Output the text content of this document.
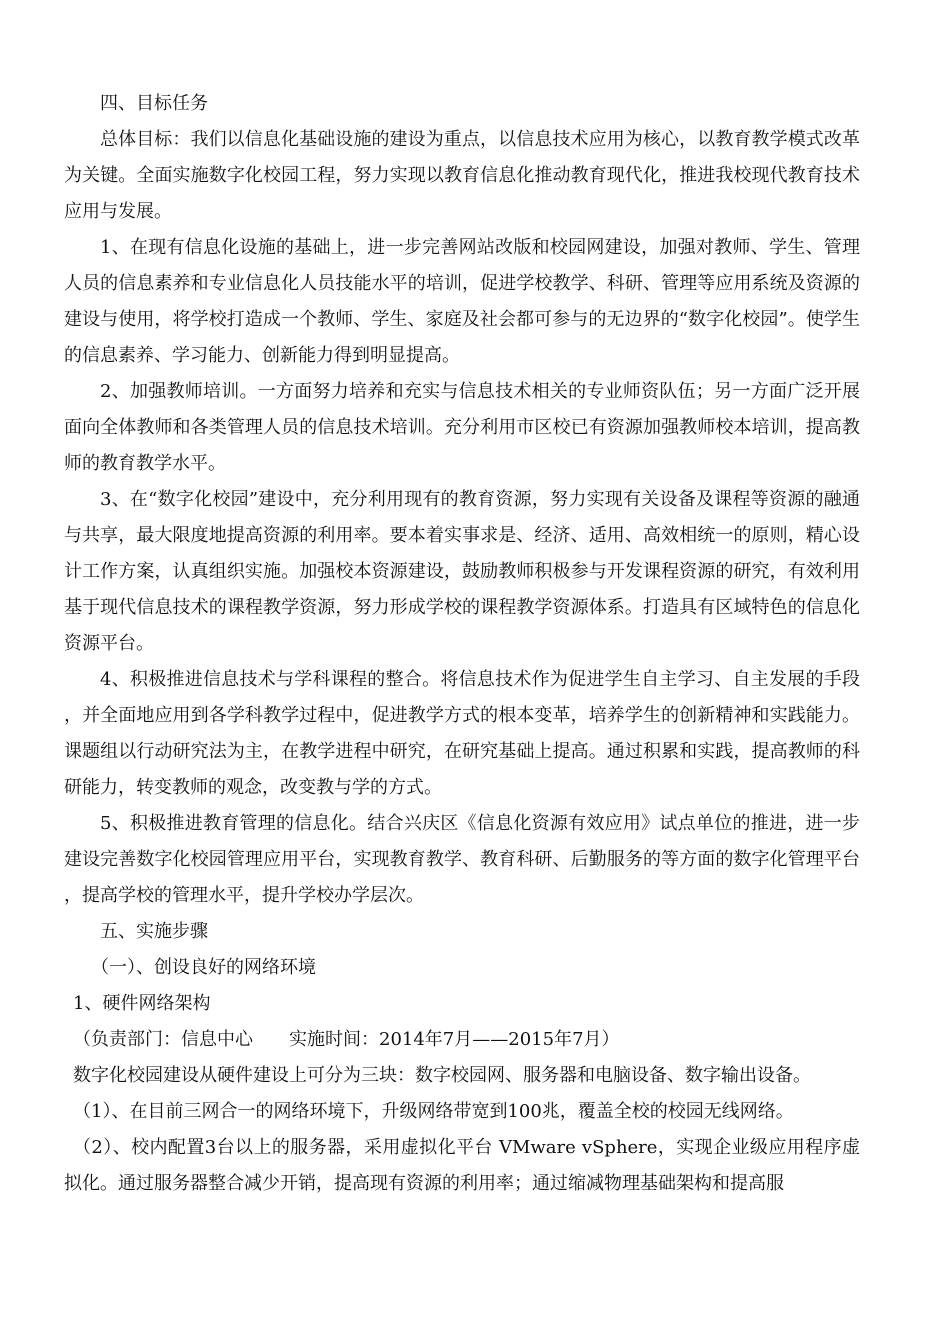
四、目标任务

总体目标：我们以信息化基础设施的建设为重点，以信息技术应用为核心，以教育教学模式改革为关键。全面实施数字化校园工程，努力实现以教育信息化推动教育现代化，推进我校现代教育技术应用与发展。

1、在现有信息化设施的基础上，进一步完善网站改版和校园网建设，加强对教师、学生、管理人员的信息素养和专业信息化人员技能水平的培训，促进学校教学、科研、管理等应用系统及资源的建设与使用，将学校打造成一个教师、学生、家庭及社会都可参与的无边界的“数字化校园”。使学生的信息素养、学习能力、创新能力得到明显提高。

2、加强教师培训。一方面努力培养和充实与信息技术相关的专业师资队伍；另一方面广泛开展面向全体教师和各类管理人员的信息技术培训。充分利用市区校已有资源加强教师校本培训，提高教师的教育教学水平。

3、在“数字化校园”建设中，充分利用现有的教育资源，努力实现有关设备及课程等资源的融通与共享，最大限度地提高资源的利用率。要本着实事求是、经济、适用、高效相统一的原则，精心设计工作方案，认真组织实施。加强校本资源建设，鼓励教师积极参与开发课程资源的研究，有效利用基于现代信息技术的课程教学资源，努力形成学校的课程教学资源体系。打造具有区域特色的信息化资源平台。

4、积极推进信息技术与学科课程的整合。将信息技术作为促进学生自主学习、自主发展的手段，并全面地应用到各学科教学过程中，促进教学方式的根本变革，培养学生的创新精神和实践能力。课题组以行动研究法为主，在教学进程中研究，在研究基础上提高。通过积累和实践，提高教师的科研能力，转变教师的观念，改变教与学的方式。

5、积极推进教育管理的信息化。结合兴庆区《信息化资源有效应用》试点单位的推进，进一步建设完善数字化校园管理应用平台，实现教育教学、教育科研、后勤服务的等方面的数字化管理平台，提高学校的管理水平，提升学校办学层次。

五、实施步骤

（一）、创设良好的网络环境

1、硬件网络架构

（负责部门：信息中心　　实施时间：2014年7月——2015年7月）

数字化校园建设从硬件建设上可分为三块：数字校园网、服务器和电脑设备、数字输出设备。

（1）、在目前三网合一的网络环境下，升级网络带宽到100兆，覆盖全校的校园无线网络。

（2）、校内配置3台以上的服务器，采用虚拟化平台 VMware vSphere，实现企业级应用程序虚拟化。通过服务器整合减少开销，提高现有资源的利用率；通过缩减物理基础架构和提高服
